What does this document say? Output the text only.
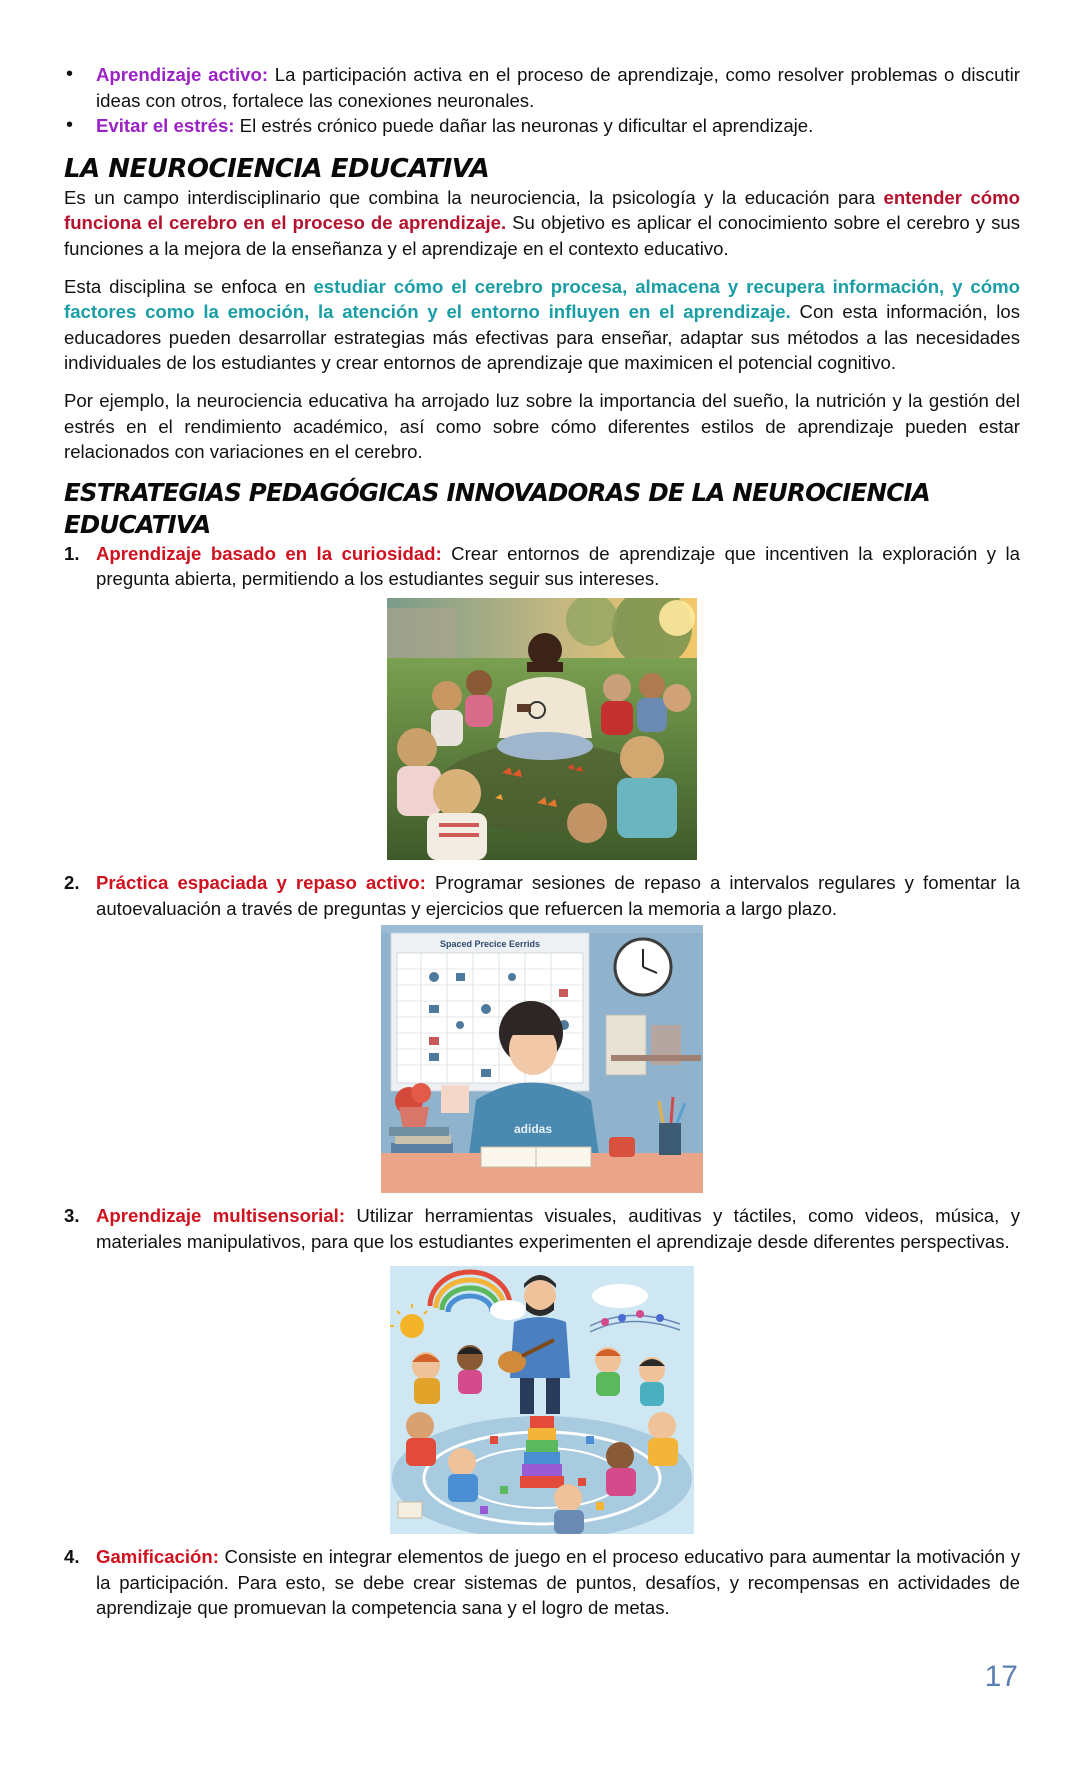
• Aprendizaje activo: La participación activa en el proceso de aprendizaje, como resolver problemas o discutir ideas con otros, fortalece las conexiones neuronales.
• Evitar el estrés: El estrés crónico puede dañar las neuronas y dificultar el aprendizaje.
LA NEUROCIENCIA EDUCATIVA

Es un campo interdisciplinario que combina la neurociencia, la psicología y la educación para entender cómo funciona el cerebro en el proceso de aprendizaje. Su objetivo es aplicar el conocimiento sobre el cerebro y sus funciones a la mejora de la enseñanza y el aprendizaje en el contexto educativo.

Esta disciplina se enfoca en estudiar cómo el cerebro procesa, almacena y recupera información, y cómo factores como la emoción, la atención y el entorno influyen en el aprendizaje. Con esta información, los educadores pueden desarrollar estrategias más efectivas para enseñar, adaptar sus métodos a las necesidades individuales de los estudiantes y crear entornos de aprendizaje que maximicen el potencial cognitivo.

Por ejemplo, la neurociencia educativa ha arrojado luz sobre la importancia del sueño, la nutrición y la gestión del estrés en el rendimiento académico, así como sobre cómo diferentes estilos de aprendizaje pueden estar relacionados con variaciones en el cerebro.

ESTRATEGIAS PEDAGÓGICAS INNOVADORAS DE LA NEUROCIENCIA EDUCATIVA
1. Aprendizaje basado en la curiosidad: Crear entornos de aprendizaje que incentiven la exploración y la pregunta abierta, permitiendo a los estudiantes seguir sus intereses.
2. Práctica espaciada y repaso activo: Programar sesiones de repaso a intervalos regulares y fomentar la autoevaluación a través de preguntas y ejercicios que refuercen la memoria a largo plazo.
Spaced Precice Eerrids
adidas
3. Aprendizaje multisensorial: Utilizar herramientas visuales, auditivas y táctiles, como videos, música, y materiales manipulativos, para que los estudiantes experimenten el aprendizaje desde diferentes perspectivas.
4. Gamificación: Consiste en integrar elementos de juego en el proceso educativo para aumentar la motivación y la participación. Para esto, se debe crear sistemas de puntos, desafíos, y recompensas en actividades de aprendizaje que promuevan la competencia sana y el logro de metas.
17
